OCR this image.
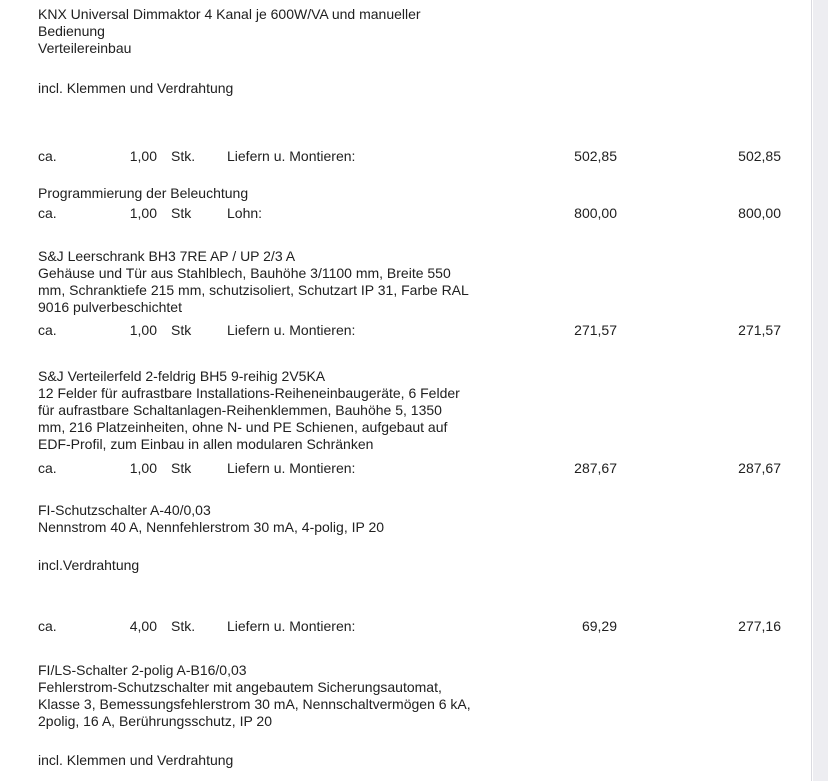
KNX Universal Dimmaktor 4 Kanal je 600W/VA und manueller
Bedienung
Verteilereinbau
incl. Klemmen und Verdrahtung
ca.	1,00 Stk.	Liefern u. Montieren:	502,85	502,85
Programmierung der Beleuchtung
ca.	1,00 Stk	Lohn:	800,00	800,00
S&J Leerschrank BH3 7RE AP / UP 2/3 A
Gehäuse und Tür aus Stahlblech, Bauhöhe 3/1100 mm, Breite 550
mm, Schranktiefe 215 mm, schutzisoliert, Schutzart IP 31, Farbe RAL
9016 pulverbeschichtet
ca.	1,00 Stk	Liefern u. Montieren:	271,57	271,57
S&J Verteilerfeld 2-feldrig BH5 9-reihig 2V5KA
12 Felder für aufrastbare Installations-Reiheneinbaugeräte, 6 Felder
für aufrastbare Schaltanlagen-Reihenklemmen, Bauhöhe 5, 1350
mm, 216 Platzeinheiten, ohne N- und PE Schienen, aufgebaut auf
EDF-Profil, zum Einbau in allen modularen Schränken
ca.	1,00 Stk	Liefern u. Montieren:	287,67	287,67
FI-Schutzschalter A-40/0,03
Nennstrom 40 A, Nennfehlerstrom 30 mA, 4-polig, IP 20
incl.Verdrahtung
ca.	4,00 Stk.	Liefern u. Montieren:	69,29	277,16
FI/LS-Schalter 2-polig A-B16/0,03
Fehlerstrom-Schutzschalter mit angebautem Sicherungsautomat,
Klasse 3, Bemessungsfehlerstrom 30 mA, Nennschaltvermögen 6 kA,
2polig, 16 A, Berührungsschutz, IP 20
incl. Klemmen und Verdrahtung
